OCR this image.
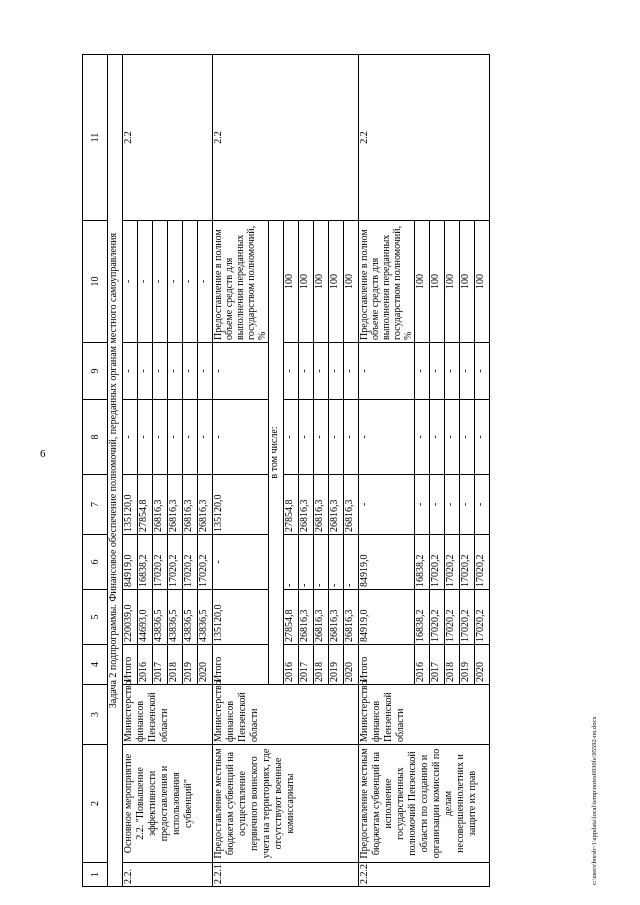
6
c:\users\borsh~1\appdata\local\temp\notes6930fe\95592-nn.docx
1	2	3	4	5	6	7	8	9	10	11
Задача 2 подпрограммы. Финансовое обеспечение полномочий, переданных органам местного самоуправления										
2.2.	Основное мероприятие 2.2. "Повышение эффективности предоставления и использования субвенций"	Министерство финансов Пензенской области	Итого	220039,0	84919,0	135120,0	-	-	-	2.2
			2016	44693,0	16838,2	27854,8	-	-	-	
			2017	43836,5	17020,2	26816,3	-	-	-	
			2018	43836,5	17020,2	26816,3	-	-	-	
			2019	43836,5	17020,2	26816,3	-	-	-	
			2020	43836,5	17020,2	26816,3	-	-	-	
2.2.1.	Предоставление местным бюджетам субвенций на осуществление первичного воинского учета на территориях, где отсутствуют военные комиссариаты	Министерство финансов Пензенской области	Итого	135120,0	-	135120,0	-	-	Предоставление в полном объеме средств для выполнения переданных государством полномочий, %	2.2
			в том числе:							
			2016	27854,8	-	27854,8	-	-	100	
			2017	26816,3	-	26816,3	-	-	100	
			2018	26816,3	-	26816,3	-	-	100	
			2019	26816,3	-	26816,3	-	-	100	
			2020	26816,3	-	26816,3	-	-	100	
2.2.2.	Предоставление местным бюджетам субвенций на исполнение государственных полномочий Пензенской области по созданию и организации комиссий по делам несовершеннолетних и защите их прав	Министерство финансов Пензенской области	Итого	84919,0	84919,0	-	-	-	Предоставление в полном объеме средств для выполнения переданных государством полномочий, %	2.2
			2016	16838,2	16838,2	-	-	-	100	
			2017	17020,2	17020,2	-	-	-	100	
			2018	17020,2	17020,2	-	-	-	100	
			2019	17020,2	17020,2	-	-	-	100	
			2020	17020,2	17020,2	-	-	-	100	
